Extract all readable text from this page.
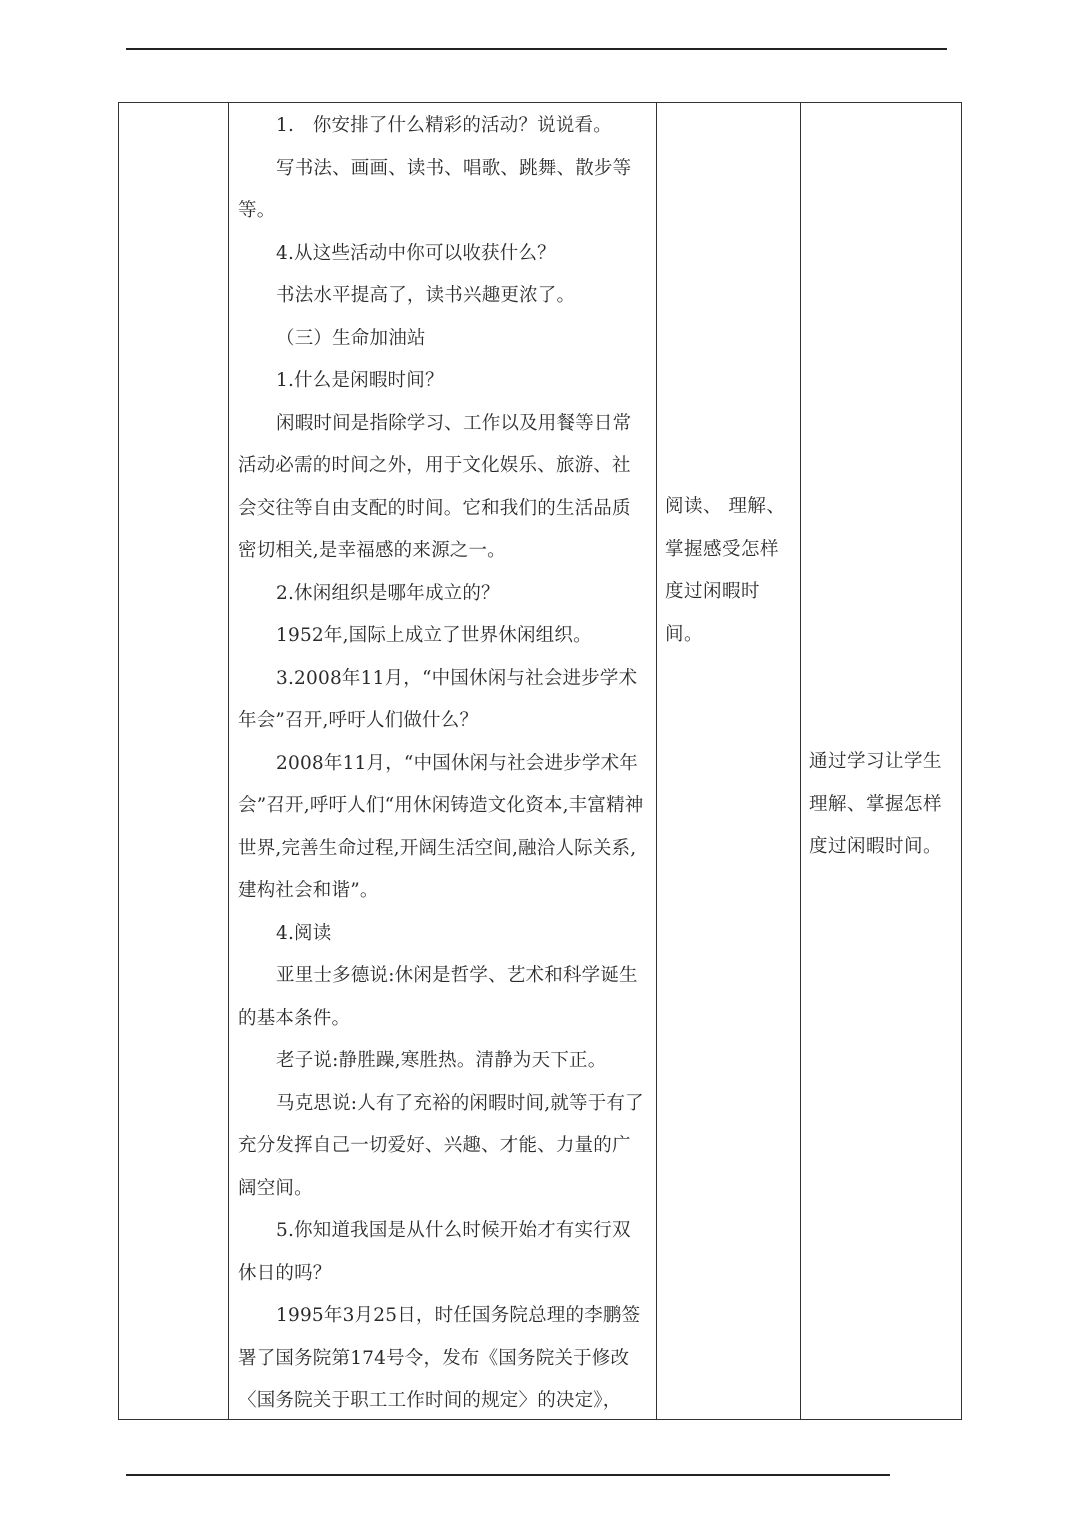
1.　你安排了什么精彩的活动？说说看。

写书法、画画、读书、唱歌、跳舞、散步等等。

4.从这些活动中你可以收获什么？

书法水平提高了，读书兴趣更浓了。

（三）生命加油站

1.什么是闲暇时间？

闲暇时间是指除学习、工作以及用餐等日常活动必需的时间之外，用于文化娱乐、旅游、社会交往等自由支配的时间。它和我们的生活品质密切相关,是幸福感的来源之一。

2.休闲组织是哪年成立的？

1952年,国际上成立了世界休闲组织。

3.2008年11月，“中国休闲与社会进步学术年会”召开,呼吁人们做什么？

2008年11月，“中国休闲与社会进步学术年会”召开,呼吁人们“用休闲铸造文化资本,丰富精神世界,完善生命过程,开阔生活空间,融洽人际关系,建构社会和谐”。

4.阅读

亚里士多德说:休闲是哲学、艺术和科学诞生的基本条件。

老子说:静胜躁,寒胜热。清静为天下正。

马克思说:人有了充裕的闲暇时间,就等于有了充分发挥自己一切爱好、兴趣、才能、力量的广阔空间。

5.你知道我国是从什么时候开始才有实行双休日的吗？

1995年3月25日，时任国务院总理的李鹏签署了国务院第174号令，发布《国务院关于修改〈国务院关于职工工作时间的规定〉的决定》，

阅读、 理解、掌握感受怎样度过闲暇时间。

通过学习让学生理解、掌握怎样度过闲暇时间。
